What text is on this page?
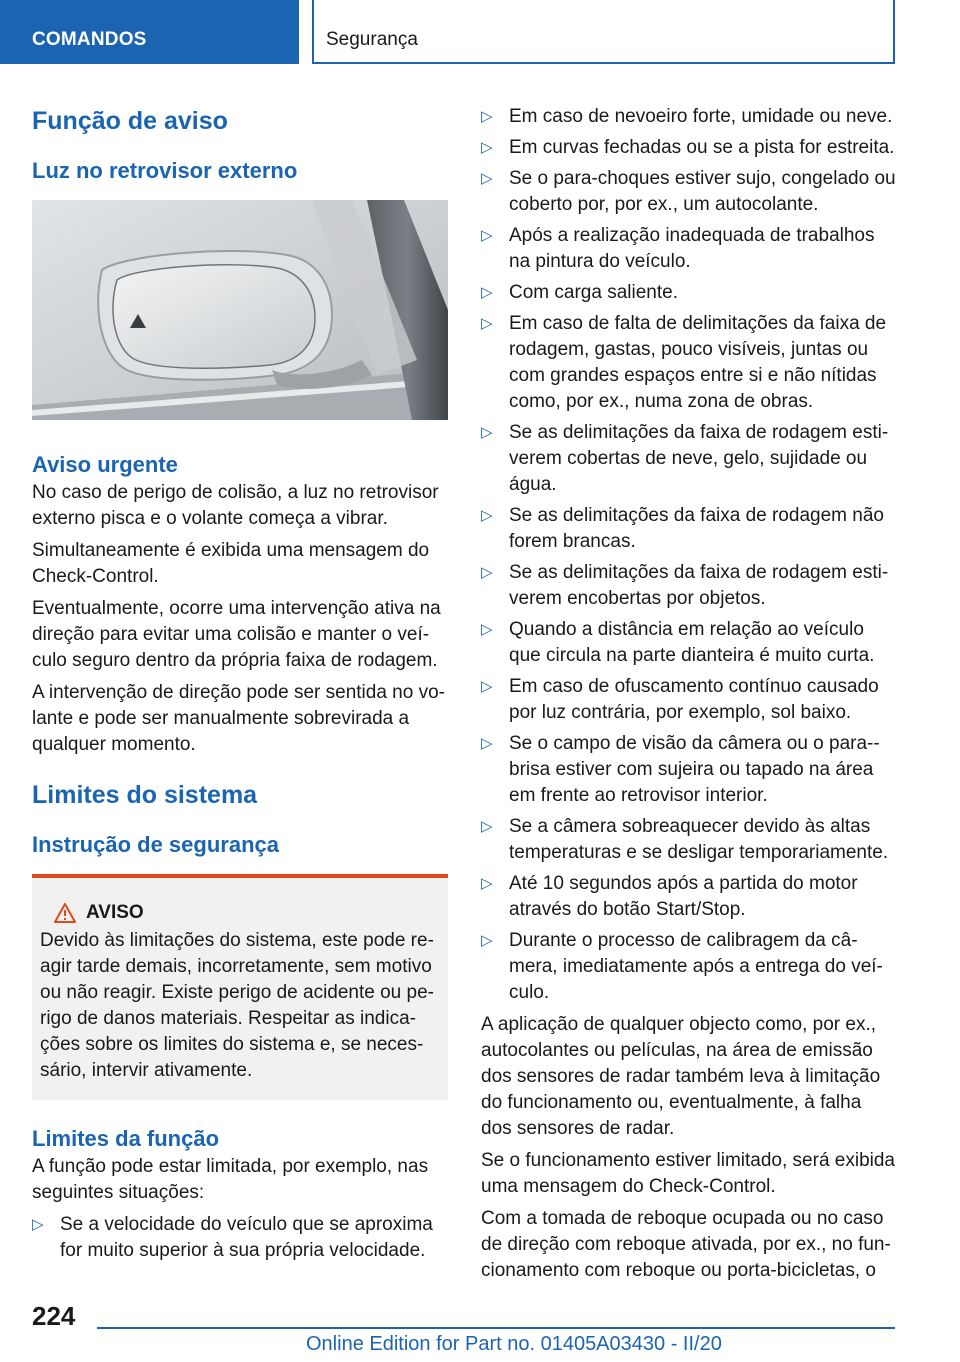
COMANDOS	Segurança
Função de aviso
Luz no retrovisor externo
Aviso urgente

No caso de perigo de colisão, a luz no retrovisor externo pisca e o volante começa a vibrar.

Simultaneamente é exibida uma mensagem do Check-Control.

Eventualmente, ocorre uma intervenção ativa na direção para evitar uma colisão e manter o veí-culo seguro dentro da própria faixa de rodagem.

A intervenção de direção pode ser sentida no vo-lante e pode ser manualmente sobrevirada a qualquer momento.

Limites do sistema
Instrução de segurança
AVISO

Devido às limitações do sistema, este pode re-agir tarde demais, incorretamente, sem motivo ou não reagir. Existe perigo de acidente ou pe-rigo de danos materiais. Respeitar as indica-ções sobre os limites do sistema e, se neces-sário, intervir ativamente.

Limites da função

A função pode estar limitada, por exemplo, nas seguintes situações:

▷ Se a velocidade do veículo que se aproxima for muito superior à sua própria velocidade.
▷ Em caso de nevoeiro forte, umidade ou neve.
▷ Em curvas fechadas ou se a pista for estreita.
▷ Se o para-choques estiver sujo, congelado ou coberto por, por ex., um autocolante.
▷ Após a realização inadequada de trabalhos na pintura do veículo.
▷ Com carga saliente.
▷ Em caso de falta de delimitações da faixa de rodagem, gastas, pouco visíveis, juntas ou com grandes espaços entre si e não nítidas como, por ex., numa zona de obras.
▷ Se as delimitações da faixa de rodagem esti-verem cobertas de neve, gelo, sujidade ou água.
▷ Se as delimitações da faixa de rodagem não forem brancas.
▷ Se as delimitações da faixa de rodagem esti-verem encobertas por objetos.
▷ Quando a distância em relação ao veículo que circula na parte dianteira é muito curta.
▷ Em caso de ofuscamento contínuo causado por luz contrária, por exemplo, sol baixo.
▷ Se o campo de visão da câmera ou o para--brisa estiver com sujeira ou tapado na área em frente ao retrovisor interior.
▷ Se a câmera sobreaquecer devido às altas temperaturas e se desligar temporariamente.
▷ Até 10 segundos após a partida do motor através do botão Start/Stop.
▷ Durante o processo de calibragem da câ-mera, imediatamente após a entrega do veí-culo.

A aplicação de qualquer objecto como, por ex., autocolantes ou películas, na área de emissão dos sensores de radar também leva à limitação do funcionamento ou, eventualmente, à falha dos sensores de radar.

Se o funcionamento estiver limitado, será exibida uma mensagem do Check-Control.

Com a tomada de reboque ocupada ou no caso de direção com reboque ativada, por ex., no fun-cionamento com reboque ou porta-bicicletas, o

224
Online Edition for Part no. 01405A03430 - II/20
